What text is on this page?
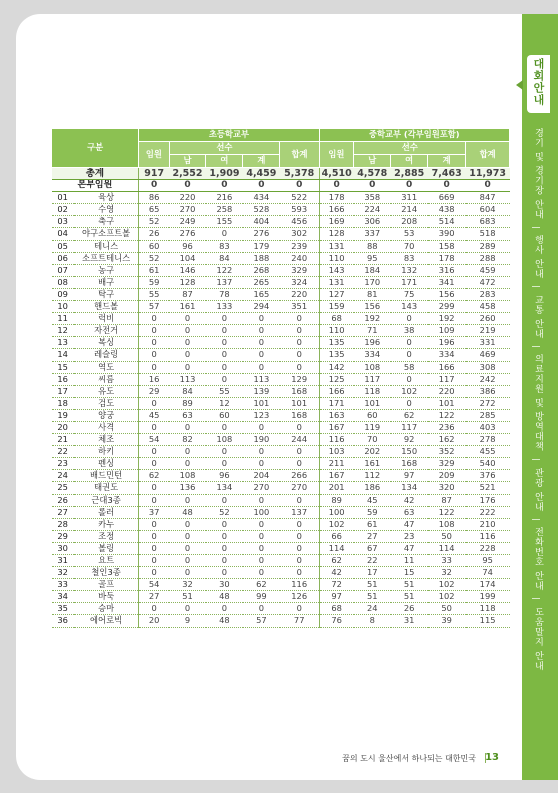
대회안내
경기 및 경기장 안내
|
행사 안내
|
교통 안내
|
의료지원 및 방역대책
|
관광 안내
|
전화번호 안내
|
도움말지 안내
구분		초등학교부					중학교부 (각부임원포함)				
		임원	선수			합계	임원	선수			합계
			남	여	계			남	여	계	
총계		917	2,552	1,909	4,459	5,378	4,510	4,578	2,885	7,463	11,973
본부임원		0	0	0	0	0	0	0	0	0	0
01	육상	86	220	216	434	522	178	358	311	669	847
02	수영	65	270	258	528	593	166	224	214	438	604
03	축구	52	249	155	404	456	169	306	208	514	683
04	야구소프트볼	26	276	0	276	302	128	337	53	390	518
05	테니스	60	96	83	179	239	131	88	70	158	289
06	소프트테니스	52	104	84	188	240	110	95	83	178	288
07	농구	61	146	122	268	329	143	184	132	316	459
08	배구	59	128	137	265	324	131	170	171	341	472
09	탁구	55	87	78	165	220	127	81	75	156	283
10	핸드볼	57	161	133	294	351	159	156	143	299	458
11	럭비	0	0	0	0	0	68	192	0	192	260
12	자전거	0	0	0	0	0	110	71	38	109	219
13	복싱	0	0	0	0	0	135	196	0	196	331
14	레슬링	0	0	0	0	0	135	334	0	334	469
15	역도	0	0	0	0	0	142	108	58	166	308
16	씨름	16	113	0	113	129	125	117	0	117	242
17	유도	29	84	55	139	168	166	118	102	220	386
18	검도	0	89	12	101	101	171	101	0	101	272
19	양궁	45	63	60	123	168	163	60	62	122	285
20	사격	0	0	0	0	0	167	119	117	236	403
21	체조	54	82	108	190	244	116	70	92	162	278
22	하키	0	0	0	0	0	103	202	150	352	455
23	펜싱	0	0	0	0	0	211	161	168	329	540
24	배드민턴	62	108	96	204	266	167	112	97	209	376
25	태권도	0	136	134	270	270	201	186	134	320	521
26	근대3종	0	0	0	0	0	89	45	42	87	176
27	롤러	37	48	52	100	137	100	59	63	122	222
28	카누	0	0	0	0	0	102	61	47	108	210
29	조정	0	0	0	0	0	66	27	23	50	116
30	볼링	0	0	0	0	0	114	67	47	114	228
31	요트	0	0	0	0	0	62	22	11	33	95
32	철인3종	0	0	0	0	0	42	17	15	32	74
33	골프	54	32	30	62	116	72	51	51	102	174
34	바둑	27	51	48	99	126	97	51	51	102	199
35	승마	0	0	0	0	0	68	24	26	50	118
36	에어로빅	20	9	48	57	77	76	8	31	39	115
꿈의 도시 울산에서 하나되는 대한민국 13
